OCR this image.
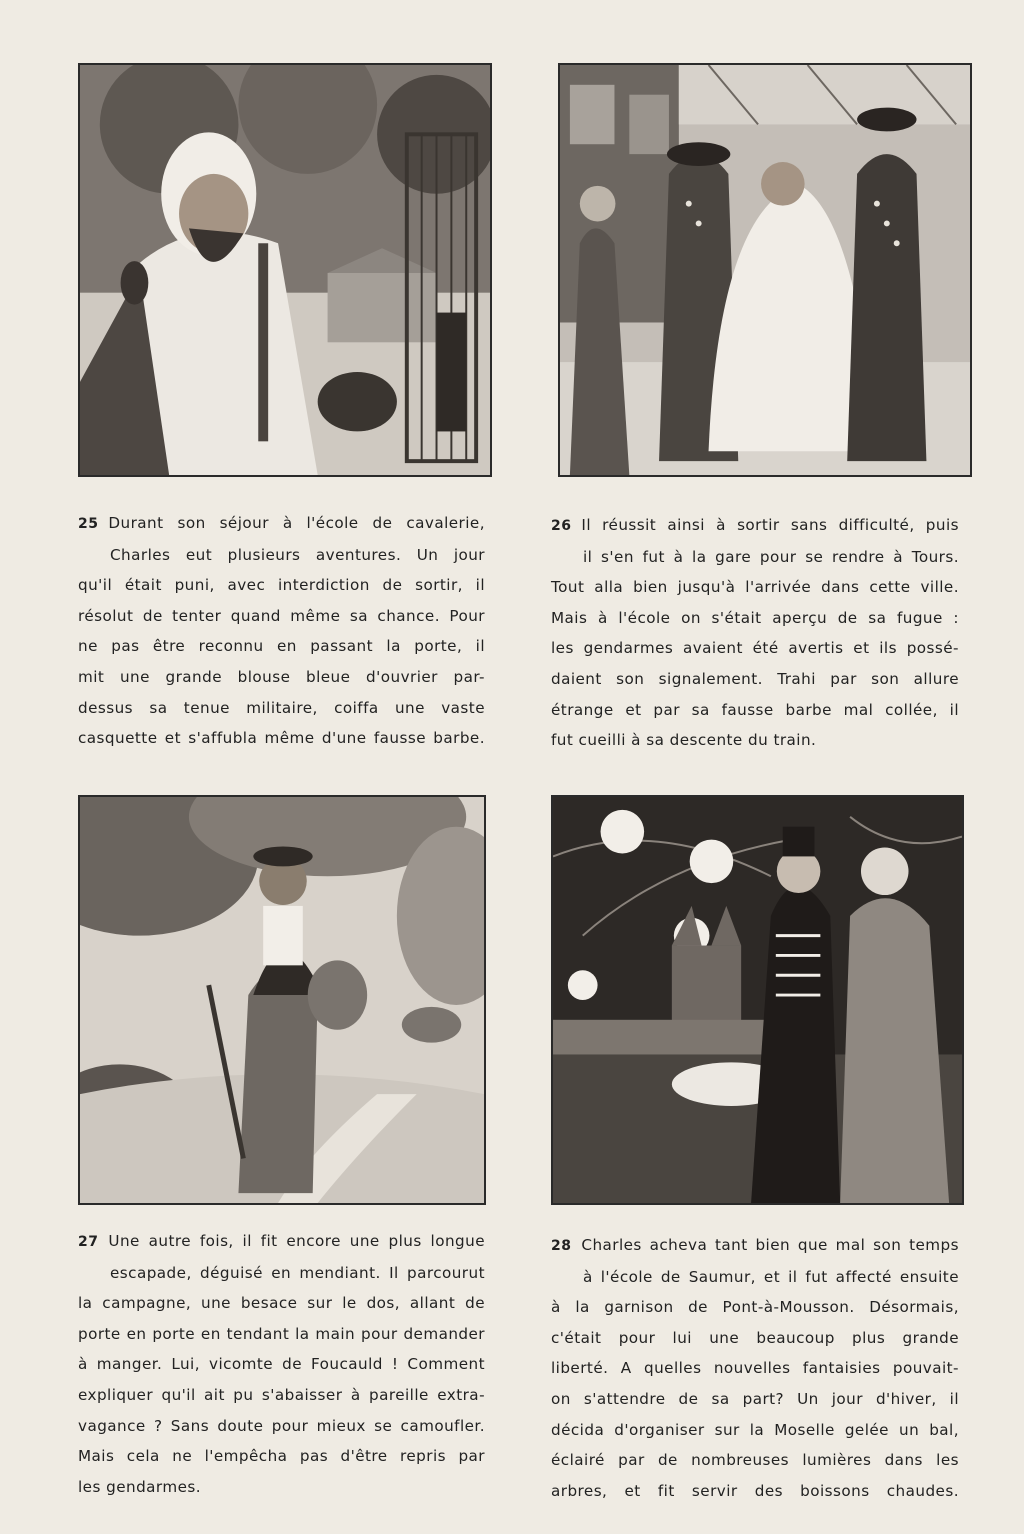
25 Durant son séjour à l'école de cavalerie,
Charles eut plusieurs aventures. Un jour
qu'il était puni, avec interdiction de sortir, il
résolut de tenter quand même sa chance. Pour
ne pas être reconnu en passant la porte, il
mit une grande blouse bleue d'ouvrier par-
dessus sa tenue militaire, coiffa une vaste
casquette et s'affubla même d'une fausse barbe.
26 Il réussit ainsi à sortir sans difficulté, puis
il s'en fut à la gare pour se rendre à Tours.
Tout alla bien jusqu'à l'arrivée dans cette ville.
Mais à l'école on s'était aperçu de sa fugue :
les gendarmes avaient été avertis et ils possé-
daient son signalement. Trahi par son allure
étrange et par sa fausse barbe mal collée, il
fut cueilli à sa descente du train.
27 Une autre fois, il fit encore une plus longue
escapade, déguisé en mendiant. Il parcourut
la campagne, une besace sur le dos, allant de
porte en porte en tendant la main pour demander
à manger. Lui, vicomte de Foucauld ! Comment
expliquer qu'il ait pu s'abaisser à pareille extra-
vagance ? Sans doute pour mieux se camoufler.
Mais cela ne l'empêcha pas d'être repris par
les gendarmes.
28 Charles acheva tant bien que mal son temps
à l'école de Saumur, et il fut affecté ensuite
à la garnison de Pont-à-Mousson. Désormais,
c'était pour lui une beaucoup plus grande
liberté. A quelles nouvelles fantaisies pouvait-
on s'attendre de sa part? Un jour d'hiver, il
décida d'organiser sur la Moselle gelée un bal,
éclairé par de nombreuses lumières dans les
arbres, et fit servir des boissons chaudes.
